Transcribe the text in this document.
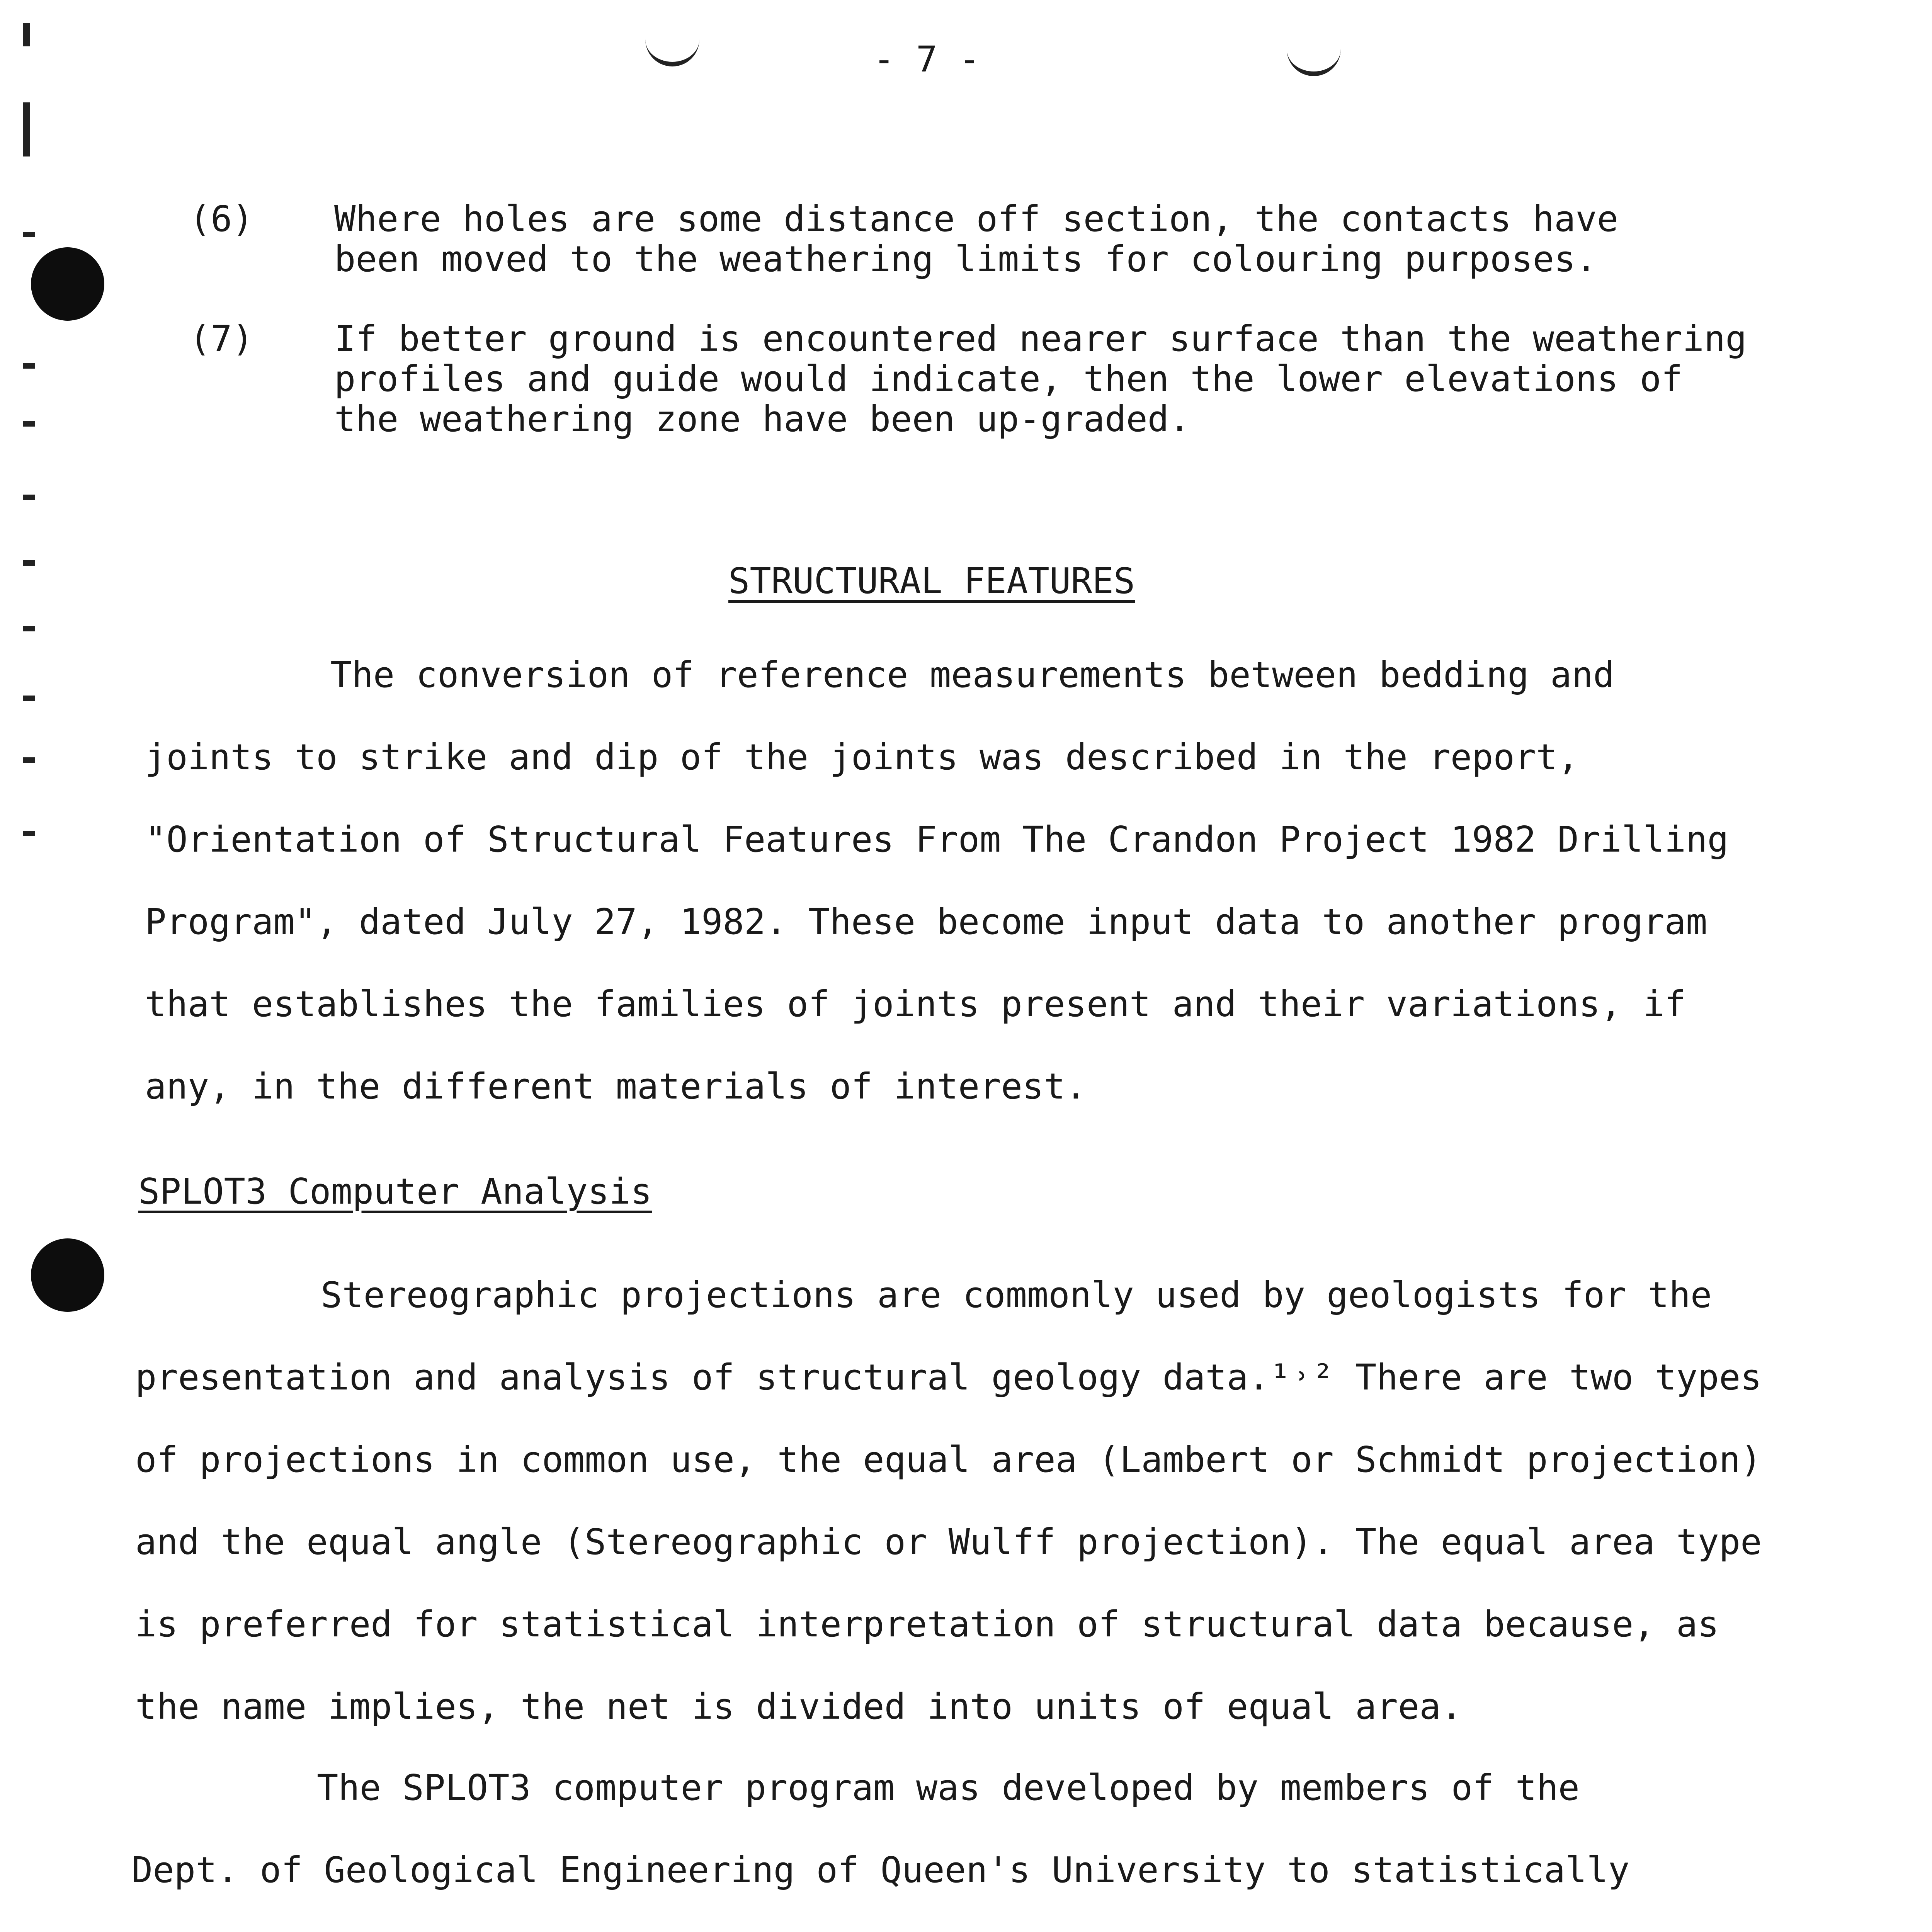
- 7 -
(6) Where holes are some distance off section, the contacts have
been moved to the weathering limits for colouring purposes.
(7) If better ground is encountered nearer surface than the weathering
profiles and guide would indicate, then the lower elevations of
the weathering zone have been up-graded.
STRUCTURAL FEATURES
The conversion of reference measurements between bedding and
joints to strike and dip of the joints was described in the report,
"Orientation of Structural Features From The Crandon Project 1982 Drilling
Program", dated July 27, 1982. These become input data to another program
that establishes the families of joints present and their variations, if
any, in the different materials of interest.
SPLOT3 Computer Analysis
Stereographic projections are commonly used by geologists for the
presentation and analysis of structural geology data.¹˒² There are two types
of projections in common use, the equal area (Lambert or Schmidt projection)
and the equal angle (Stereographic or Wulff projection). The equal area type
is preferred for statistical interpretation of structural data because, as
the name implies, the net is divided into units of equal area.
The SPLOT3 computer program was developed by members of the
Dept. of Geological Engineering of Queen's University to statistically
